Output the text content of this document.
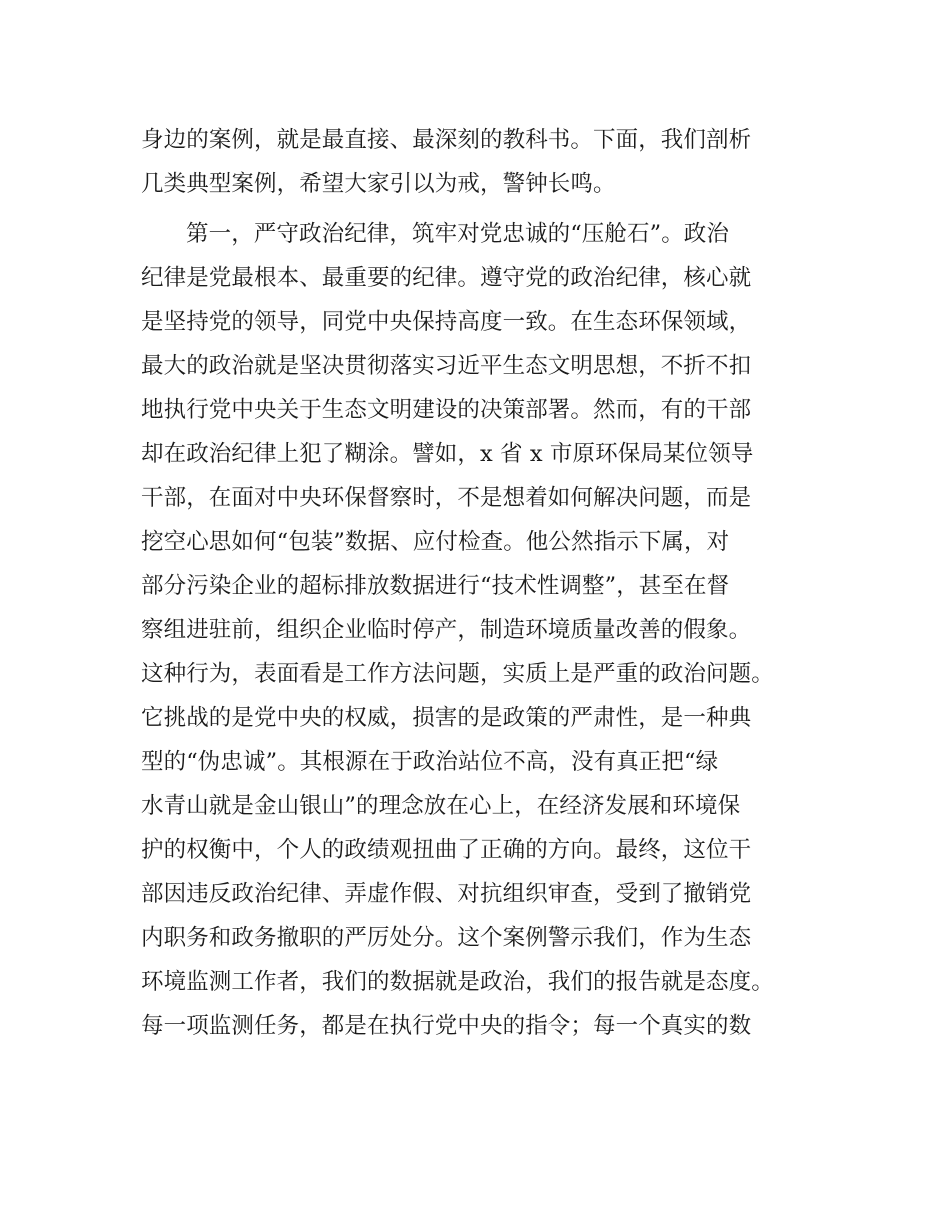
身边的案例，就是最直接、最深刻的教科书。下面，我们剖析
几类典型案例，希望大家引以为戒，警钟长鸣。
第一，严守政治纪律，筑牢对党忠诚的“压舱石”。政治
纪律是党最根本、最重要的纪律。遵守党的政治纪律，核心就
是坚持党的领导，同党中央保持高度一致。在生态环保领域，
最大的政治就是坚决贯彻落实习近平生态文明思想，不折不扣
地执行党中央关于生态文明建设的决策部署。然而，有的干部
却在政治纪律上犯了糊涂。譬如，x 省 x 市原环保局某位领导
干部，在面对中央环保督察时，不是想着如何解决问题，而是
挖空心思如何“包装”数据、应付检查。他公然指示下属，对
部分污染企业的超标排放数据进行“技术性调整”，甚至在督
察组进驻前，组织企业临时停产，制造环境质量改善的假象。
这种行为，表面看是工作方法问题，实质上是严重的政治问题。
它挑战的是党中央的权威，损害的是政策的严肃性，是一种典
型的“伪忠诚”。其根源在于政治站位不高，没有真正把“绿
水青山就是金山银山”的理念放在心上，在经济发展和环境保
护的权衡中，个人的政绩观扭曲了正确的方向。最终，这位干
部因违反政治纪律、弄虚作假、对抗组织审查，受到了撤销党
内职务和政务撤职的严厉处分。这个案例警示我们，作为生态
环境监测工作者，我们的数据就是政治，我们的报告就是态度。
每一项监测任务，都是在执行党中央的指令；每一个真实的数
